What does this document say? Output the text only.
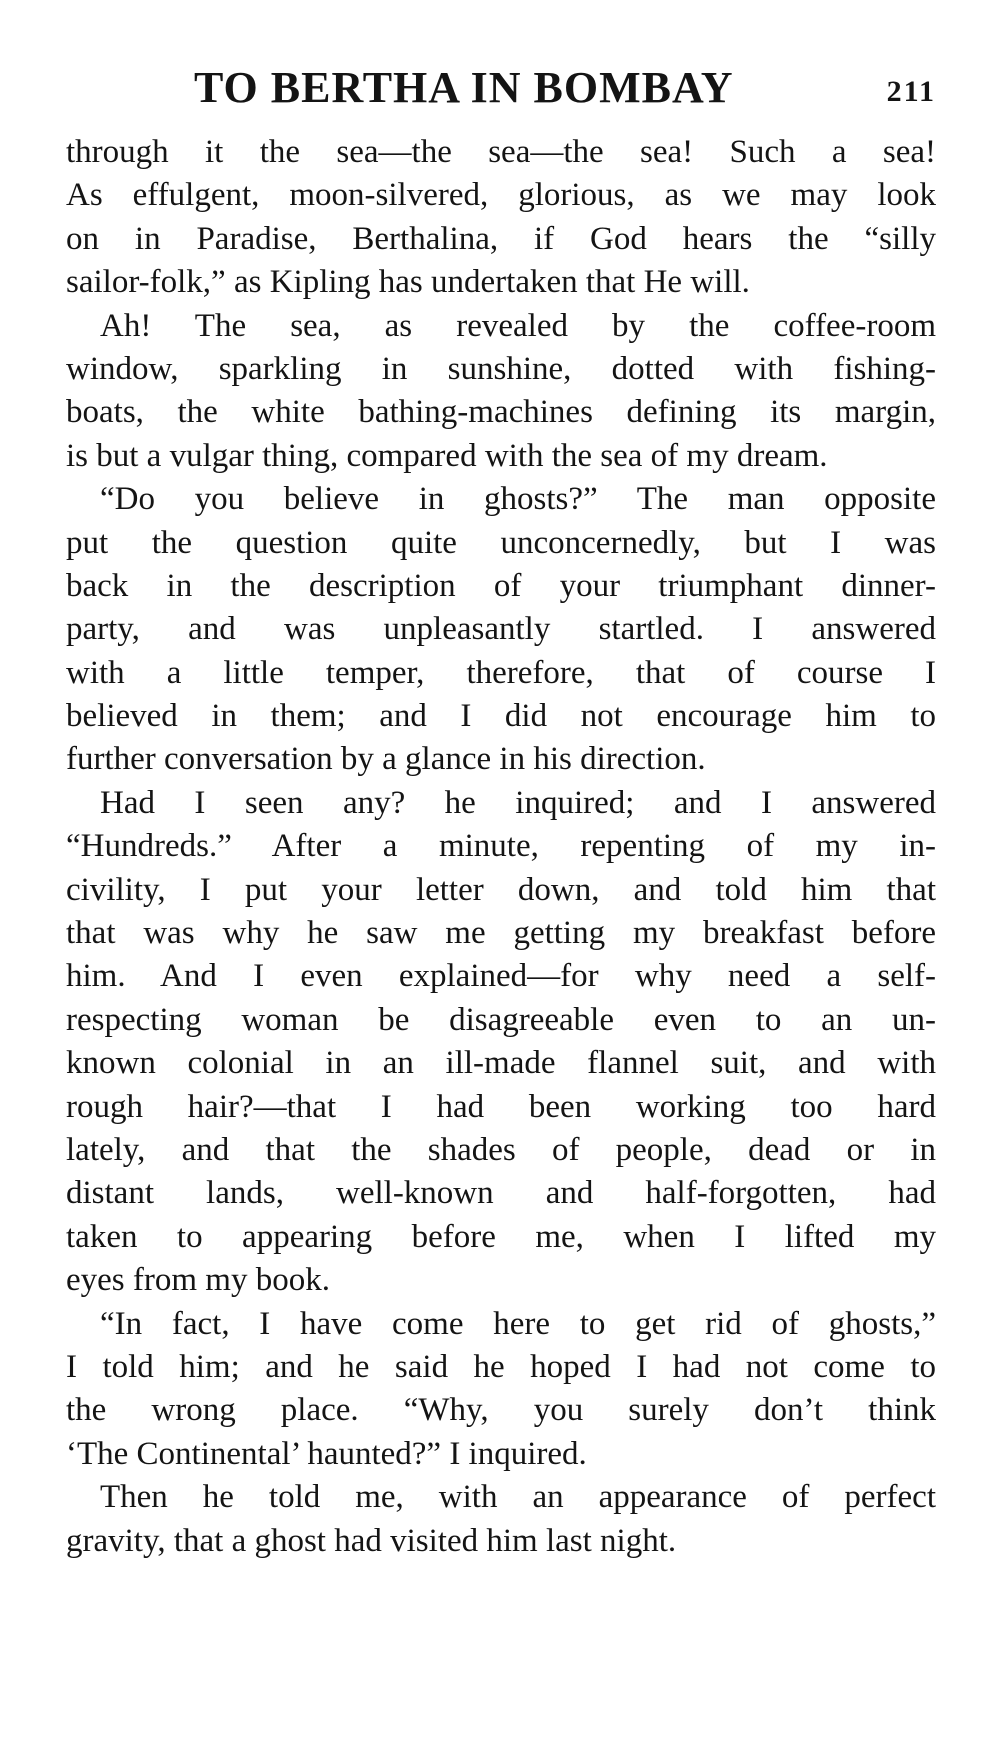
TO BERTHA IN BOMBAY	211
through it the sea—the sea—the sea! Such a sea!
As effulgent, moon-silvered, glorious, as we may look
on in Paradise, Berthalina, if God hears the “silly
sailor-folk,” as Kipling has undertaken that He will.
Ah! The sea, as revealed by the coffee-room
window, sparkling in sunshine, dotted with fishing-
boats, the white bathing-machines defining its margin,
is but a vulgar thing, compared with the sea of my dream.
“Do you believe in ghosts?” The man opposite
put the question quite unconcernedly, but I was
back in the description of your triumphant dinner-
party, and was unpleasantly startled. I answered
with a little temper, therefore, that of course I
believed in them; and I did not encourage him to
further conversation by a glance in his direction.
Had I seen any? he inquired; and I answered
“Hundreds.” After a minute, repenting of my in-
civility, I put your letter down, and told him that
that was why he saw me getting my breakfast before
him. And I even explained—for why need a self-
respecting woman be disagreeable even to an un-
known colonial in an ill-made flannel suit, and with
rough hair?—that I had been working too hard
lately, and that the shades of people, dead or in
distant lands, well-known and half-forgotten, had
taken to appearing before me, when I lifted my
eyes from my book.
“In fact, I have come here to get rid of ghosts,”
I told him; and he said he hoped I had not come to
the wrong place. “Why, you surely don’t think
‘The Continental’ haunted?” I inquired.
Then he told me, with an appearance of perfect
gravity, that a ghost had visited him last night.
